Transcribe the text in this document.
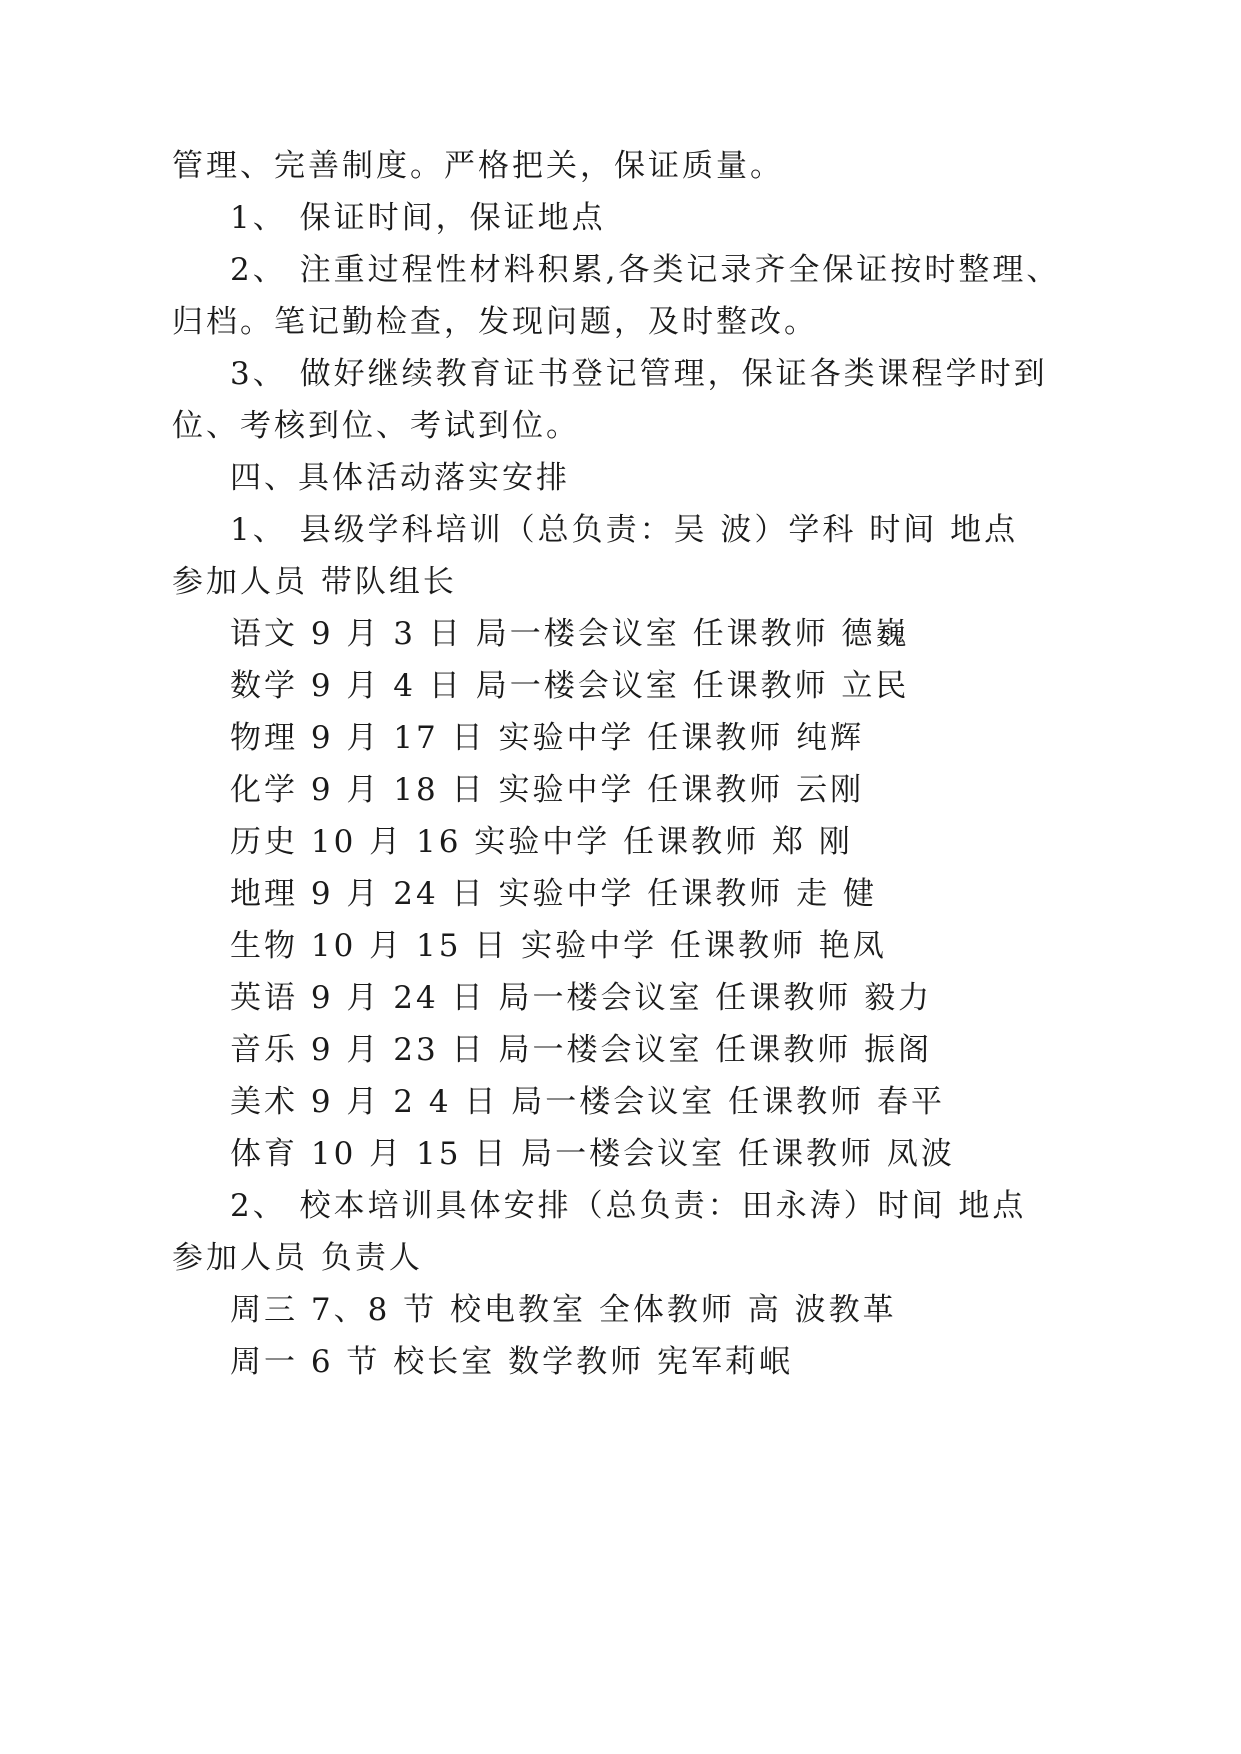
管理、完善制度。严格把关，保证质量。

1、 保证时间，保证地点

2、 注重过程性材料积累,各类记录齐全保证按时整理、

归档。笔记勤检查，发现问题，及时整改。

3、 做好继续教育证书登记管理，保证各类课程学时到

位、考核到位、考试到位。

四、具体活动落实安排

1、 县级学科培训（总负责：吴 波）学科 时间 地点

参加人员 带队组长

语文 9 月 3 日 局一楼会议室 任课教师 德巍

数学 9 月 4 日 局一楼会议室 任课教师 立民

物理 9 月 17 日 实验中学 任课教师 纯辉

化学 9 月 18 日 实验中学 任课教师 云刚

历史 10 月 16 实验中学 任课教师 郑 刚

地理 9 月 24 日 实验中学 任课教师 走 健

生物 10 月 15 日 实验中学 任课教师 艳凤

英语 9 月 24 日 局一楼会议室 任课教师 毅力

音乐 9 月 23 日 局一楼会议室 任课教师 振阁

美术 9 月 2 4 日 局一楼会议室 任课教师 春平

体育 10 月 15 日 局一楼会议室 任课教师 凤波

2、 校本培训具体安排（总负责：田永涛）时间 地点

参加人员 负责人

周三 7、8 节 校电教室 全体教师 高 波教革

周一 6 节 校长室 数学教师 宪军莉岷
